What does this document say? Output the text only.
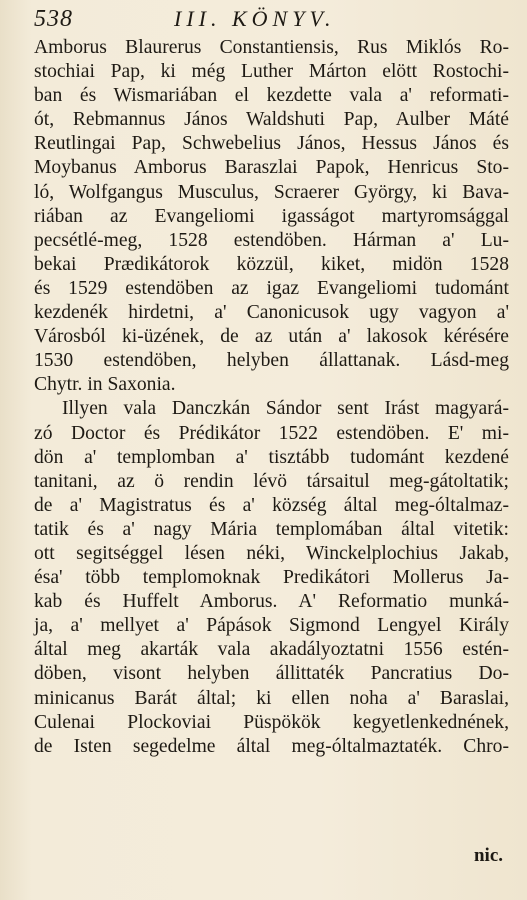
538	III. KÖNYV.
Amborus Blaurerus Constantiensis, Rus Miklós Ro-
stochiai Pap, ki még Luther Márton elött Rostochi-
ban és Wismariában el kezdette vala a' reformati-
ót, Rebmannus János Waldshuti Pap, Aulber Máté
Reutlingai Pap, Schwebelius János, Hessus János és
Moybanus Amborus Baraszlai Papok, Henricus Sto-
ló, Wolfgangus Musculus, Scraerer György, ki Bava-
riában az Evangeliomi igasságot martyromsággal
pecsétlé-meg, 1528 estendöben. Hárman a' Lu-
bekai Prædikátorok közzül, kiket, midön 1528
és 1529 estendöben az igaz Evangeliomi tudománt
kezdenék hirdetni, a' Canonicusok ugy vagyon a'
Városból ki-üzének, de az után a' lakosok kérésére
1530 estendöben, helyben állattanak. Lásd-meg
Chytr. in Saxonia.
Illyen vala Danczkán Sándor sent Irást magyará-
zó Doctor és Prédikátor 1522 estendöben. E' mi-
dön a' templomban a' tisztább tudománt kezdené
tanitani, az ö rendin lévö társaitul meg-gátoltatik;
de a' Magistratus és a' község által meg-óltalmaz-
tatik és a' nagy Mária templomában által vitetik:
ott segitséggel lésen néki, Winckelplochius Jakab,
ésa' több templomoknak Predikátori Mollerus Ja-
kab és Huffelt Amborus. A' Reformatio munká-
ja, a' mellyet a' Pápások Sigmond Lengyel Király
által meg akarták vala akadályoztatni 1556 estén-
döben, visont helyben állittaték Pancratius Do-
minicanus Barát által; ki ellen noha a' Baraslai,
Culenai Plockoviai Püspökök kegyetlenkednének,
de Isten segedelme által meg-óltalmaztaték. Chro-
nic.
